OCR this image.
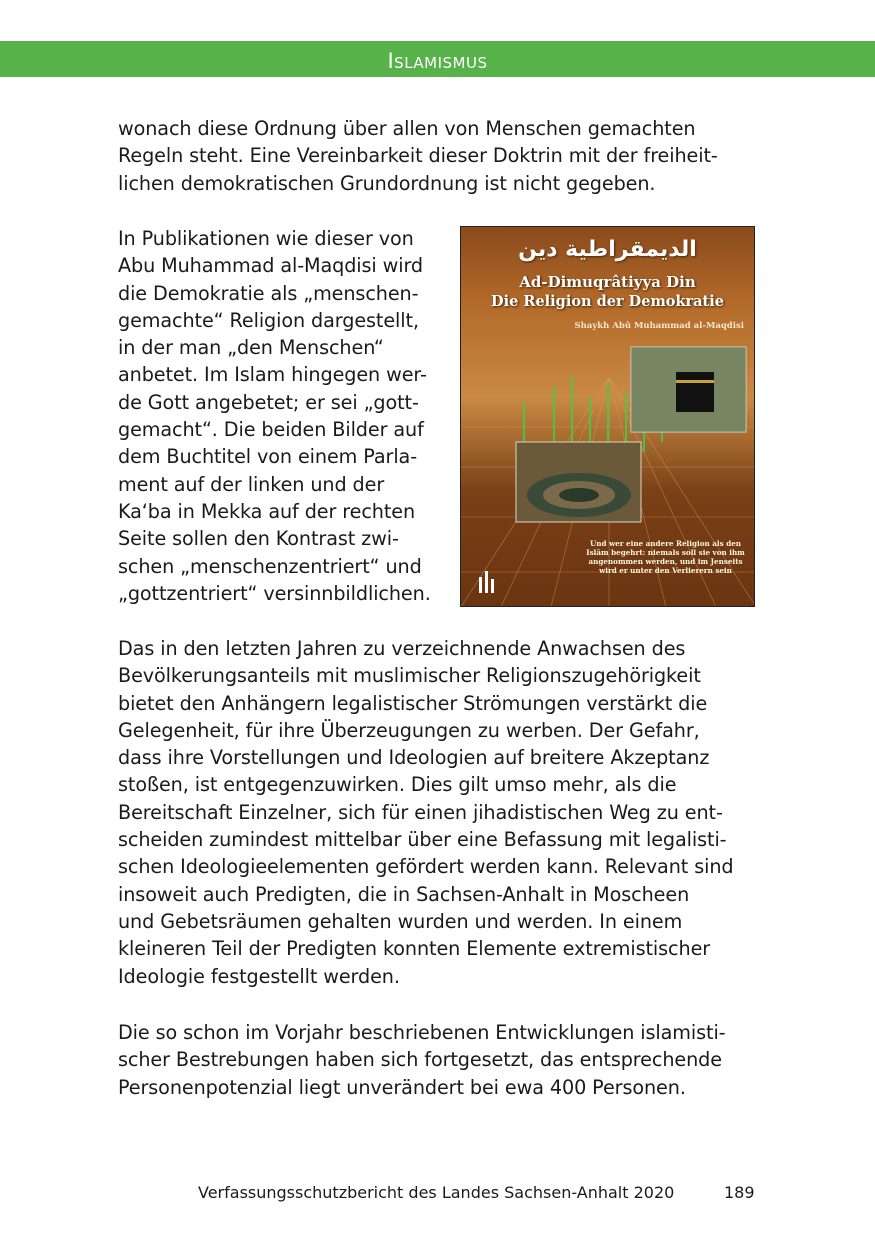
Islamismus

wonach diese Ordnung über allen von Menschen gemachten
Regeln steht. Eine Vereinbarkeit dieser Doktrin mit der freiheit-
lichen demokratischen Grundordnung ist nicht gegeben.

In Publikationen wie dieser von
Abu Muhammad al-Maqdisi wird
die Demokratie als „menschen-
gemachte“ Religion dargestellt,
in der man „den Menschen“
anbetet. Im Islam hingegen wer-
de Gott angebetet; er sei „gott-
gemacht“. Die beiden Bilder auf
dem Buchtitel von einem Parla-
ment auf der linken und der
Ka‘ba in Mekka auf der rechten
Seite sollen den Kontrast zwi-
schen „menschenzentriert“ und
„gottzentriert“ versinnbildlichen.

الديمقراطية دين
Ad-Dimuqrâtiyya Din
Die Religion der Demokratie
Shaykh Abû Muhammad al-Maqdisi
Und wer eine andere Religion als den Islâm begehrt: niemals soll sie von ihm angenommen werden, und im Jenseits wird er unter den Verlierern sein

Das in den letzten Jahren zu verzeichnende Anwachsen des
Bevölkerungsanteils mit muslimischer Religionszugehörigkeit
bietet den Anhängern legalistischer Strömungen verstärkt die
Gelegenheit, für ihre Überzeugungen zu werben. Der Gefahr,
dass ihre Vorstellungen und Ideologien auf breitere Akzeptanz
stoßen, ist entgegenzuwirken. Dies gilt umso mehr, als die
Bereitschaft Einzelner, sich für einen jihadistischen Weg zu ent-
scheiden zumindest mittelbar über eine Befassung mit legalisti-
schen Ideologieelementen gefördert werden kann. Relevant sind
insoweit auch Predigten, die in Sachsen-Anhalt in Moscheen
und Gebetsräumen gehalten wurden und werden. In einem
kleineren Teil der Predigten konnten Elemente extremistischer
Ideologie festgestellt werden.

Die so schon im Vorjahr beschriebenen Entwicklungen islamisti-
scher Bestrebungen haben sich fortgesetzt, das entsprechende
Personenpotenzial liegt unverändert bei ewa 400 Personen.

Verfassungsschutzbericht des Landes Sachsen-Anhalt 2020	189
